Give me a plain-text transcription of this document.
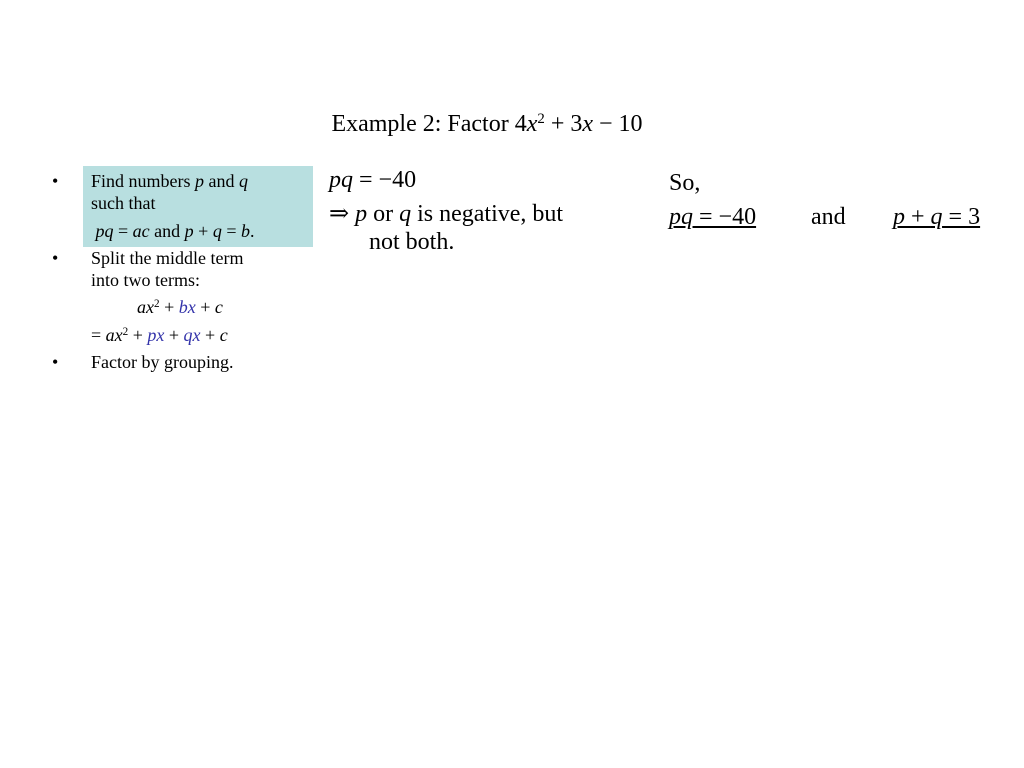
Example 2: Factor $4x^2 + 3x - 10$
• Find numbers p and q
such that
pq = ac and p + q = b.
• Split the middle term
into two terms:
$ax^2$ + bx + c
= $ax^2$ + px + qx + c
• Factor by grouping.
pq = −40
⇒ p or q is negative, but
not both.
So,
pq = −40 and p + q = 3
